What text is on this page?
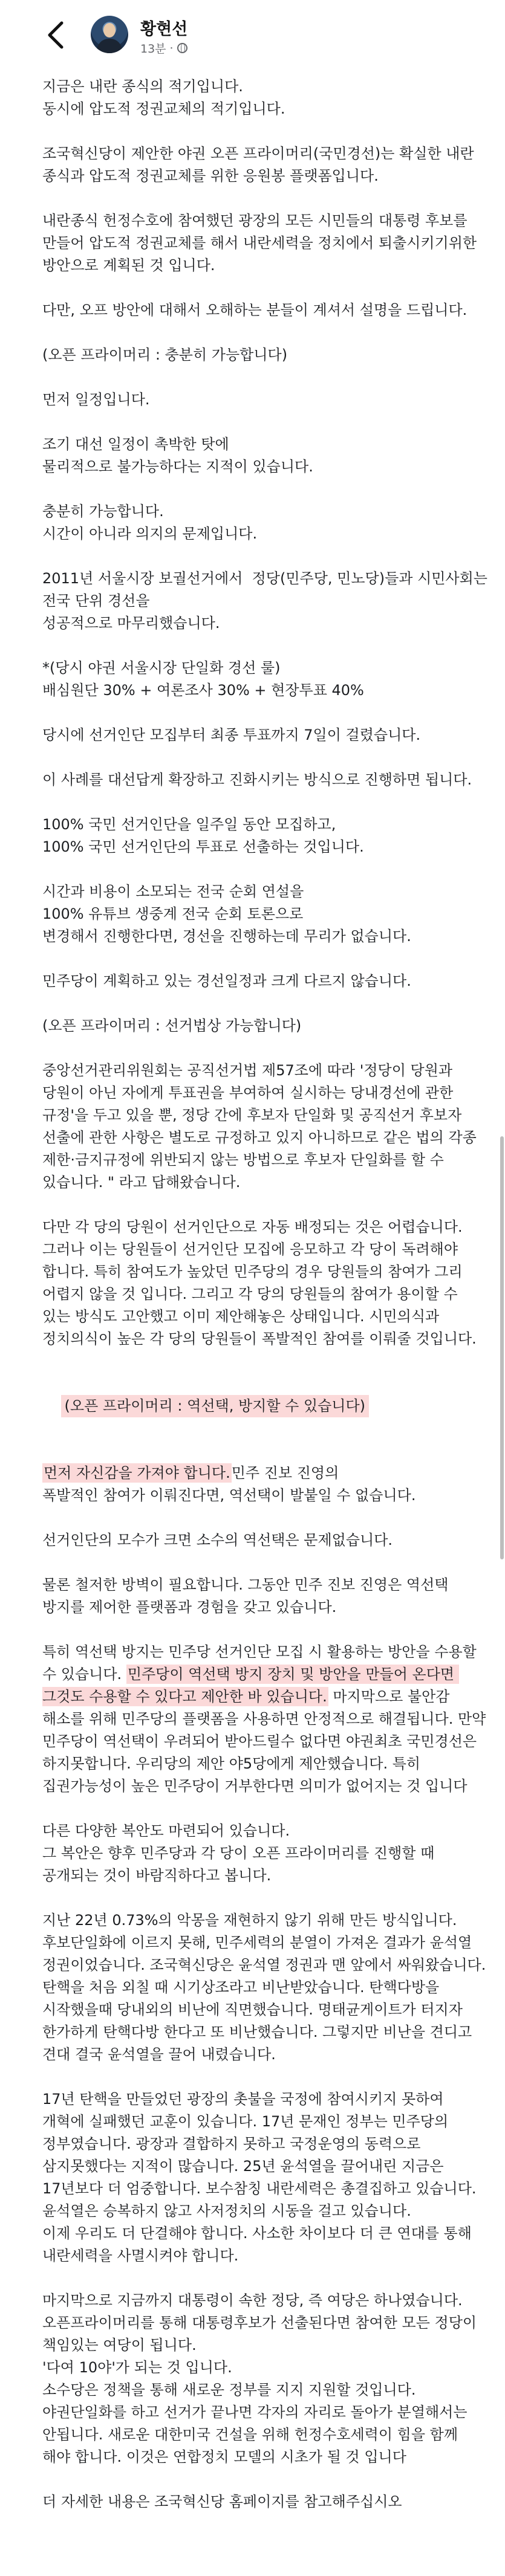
황현선
13분 ·
지금은 내란 종식의 적기입니다.
동시에 압도적 정권교체의 적기입니다.
조국혁신당이 제안한 야권 오픈 프라이머리(국민경선)는 확실한 내란 종식과 압도적 정권교체를 위한 응원봉 플랫폼입니다.
내란종식 헌정수호에 참여했던 광장의 모든 시민들의 대통령 후보를 만들어 압도적 정권교체를 해서 내란세력을 정치에서 퇴출시키기위한 방안으로 계획된 것 입니다.
다만, 오프 방안에 대해서 오해하는 분들이 계셔서 설명을 드립니다.
(오픈 프라이머리 : 충분히 가능합니다)
먼저 일정입니다.
조기 대선 일정이 촉박한 탓에
물리적으로 불가능하다는 지적이 있습니다.
충분히 가능합니다.
시간이 아니라 의지의 문제입니다.
2011년 서울시장 보궐선거에서  정당(민주당, 민노당)들과 시민사회는 전국 단위 경선을
성공적으로 마무리했습니다.
*(당시 야권 서울시장 단일화 경선 룰)
배심원단 30% + 여론조사 30% + 현장투표 40%
당시에 선거인단 모집부터 최종 투표까지 7일이 걸렸습니다.
이 사례를 대선답게 확장하고 진화시키는 방식으로 진행하면 됩니다.
100% 국민 선거인단을 일주일 동안 모집하고,
100% 국민 선거인단의 투표로 선출하는 것입니다.
시간과 비용이 소모되는 전국 순회 연설을
100% 유튜브 생중계 전국 순회 토론으로
변경해서 진행한다면, 경선을 진행하는데 무리가 없습니다.
민주당이 계획하고 있는 경선일정과 크게 다르지 않습니다.
(오픈 프라이머리 : 선거법상 가능합니다)
중앙선거관리위원회는 공직선거법 제57조에 따라 '정당이 당원과 당원이 아닌 자에게 투표권을 부여하여 실시하는 당내경선에 관한 규정'을 두고 있을 뿐, 정당 간에 후보자 단일화 및 공직선거 후보자 선출에 관한 사항은 별도로 규정하고 있지 아니하므로 같은 법의 각종 제한·금지규정에 위반되지 않는 방법으로 후보자 단일화를 할 수 있습니다. " 라고 답해왔습니다.
다만 각 당의 당원이 선거인단으로 자동 배정되는 것은 어렵습니다.
그러나 이는 당원들이 선거인단 모집에 응모하고 각 당이 독려해야 합니다. 특히 참여도가 높았던 민주당의 경우 당원들의 참여가 그리 어렵지 않을 것 입니다. 그리고 각 당의 당원들의 참여가 용이할 수 있는 방식도 고안했고 이미 제안해놓은 상태입니다. 시민의식과 정치의식이 높은 각 당의 당원들이 폭발적인 참여를 이뤄줄 것입니다.

(오픈 프라이머리 : 역선택, 방지할 수 있습니다)

먼저 자신감을 가져야 합니다.민주 진보 진영의
폭발적인 참여가 이뤄진다면, 역선택이 발붙일 수 없습니다.
선거인단의 모수가 크면 소수의 역선택은 문제없습니다.
물론 철저한 방벽이 필요합니다. 그동안 민주 진보 진영은 역선택 방지를 제어한 플랫폼과 경험을 갖고 있습니다.
특히 역선택 방지는 민주당 선거인단 모집 시 활용하는 방안을 수용할 수 있습니다. 민주당이 역선택 방지 장치 및 방안을 만들어 온다면 그것도 수용할 수 있다고 제안한 바 있습니다. 마지막으로 불안감 해소를 위해 민주당의 플랫폼을 사용하면 안정적으로 해결됩니다. 만약 민주당이 역선택이 우려되어 받아드릴수 없다면 야권최초 국민경선은 하지못합니다. 우리당의 제안 야5당에게 제안했습니다. 특히 집권가능성이 높은 민주당이 거부한다면 의미가 없어지는 것 입니다
다른 다양한 복안도 마련되어 있습니다.
그 복안은 향후 민주당과 각 당이 오픈 프라이머리를 진행할 때 공개되는 것이 바람직하다고 봅니다.
지난 22년 0.73%의 악몽을 재현하지 않기 위해 만든 방식입니다. 후보단일화에 이르지 못해, 민주세력의 분열이 가져온 결과가 윤석열 정권이었습니다. 조국혁신당은 윤석열 정권과 맨 앞에서 싸워왔습니다. 탄핵을 처음 외칠 때 시기상조라고 비난받았습니다. 탄핵다방을 시작했을때 당내외의 비난에 직면했습니다. 명태균게이트가 터지자 한가하게 탄핵다방 한다고 또 비난했습니다. 그렇지만 비난을 견디고 견대 결국 윤석열을 끌어 내렸습니다.
17년 탄핵을 만들었던 광장의 촛불을 국정에 참여시키지 못하여 개혁에 실패했던 교훈이 있습니다. 17년 문재인 정부는 민주당의 정부였습니다. 광장과 결합하지 못하고 국정운영의 동력으로 삼지못했다는 지적이 많습니다. 25년 윤석열을 끌어내린 지금은 17년보다 더 엄중합니다. 보수참칭 내란세력은 총결집하고 있습니다. 윤석열은 승복하지 않고 사저정치의 시동을 걸고 있습니다.
이제 우리도 더 단결해야 합니다. 사소한 차이보다 더 큰 연대를 통해 내란세력을 사멸시켜야 합니다.
마지막으로 지금까지 대통령이 속한 정당, 즉 여당은 하나였습니다. 오픈프라이머리를 통해 대통령후보가 선출된다면 참여한 모든 정당이 책임있는 여당이 됩니다.
'다여 10야'가 되는 것 입니다.
소수당은 정책을 통해 새로운 정부를 지지 지원할 것입니다. 야권단일화를 하고 선거가 끝나면 각자의 자리로 돌아가 분열해서는 안됩니다. 새로운 대한미국 건설을 위해 헌정수호세력이 힘을 함께 해야 합니다. 이것은 연합정치 모델의 시초가 될 것 입니다
더 자세한 내용은 조국혁신당 홈페이지를 참고해주십시오
